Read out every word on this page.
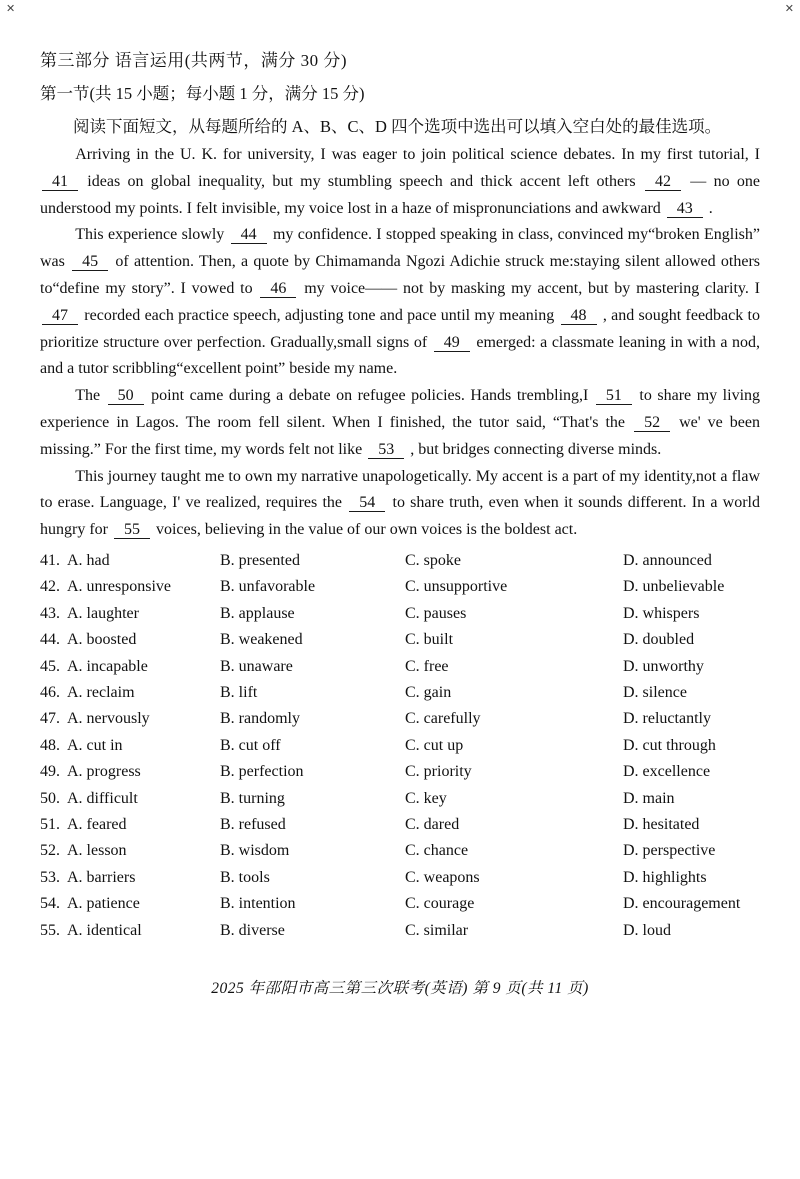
✕	✕
第三部分 语言运用(共两节，满分 30 分)
第一节(共 15 小题；每小题 1 分，满分 15 分)

阅读下面短文，从每题所给的 A、B、C、D 四个选项中选出可以填入空白处的最佳选项。

Arriving in the U. K. for university, I was eager to join political science debates. In my first tutorial, I 41 ideas on global inequality, but my stumbling speech and thick accent left others 42 — no one understood my points. I felt invisible, my voice lost in a haze of mispronunciations and awkward 43 .

This experience slowly 44 my confidence. I stopped speaking in class, convinced my“broken English” was 45 of attention. Then, a quote by Chimamanda Ngozi Adichie struck me:staying silent allowed others to“define my story”. I vowed to 46 my voice—— not by masking my accent, but by mastering clarity. I 47 recorded each practice speech, adjusting tone and pace until my meaning 48 , and sought feedback to prioritize structure over perfection. Gradually,small signs of 49 emerged: a classmate leaning in with a nod, and a tutor scribbling“excellent point” beside my name.

The 50 point came during a debate on refugee policies. Hands trembling,I 51 to share my living experience in Lagos. The room fell silent. When I finished, the tutor said, “That's the 52 we' ve been missing.” For the first time, my words felt not like 53 , but bridges connecting diverse minds.

This journey taught me to own my narrative unapologetically. My accent is a part of my identity,not a flaw to erase. Language, I' ve realized, requires the 54 to share truth, even when it sounds different. In a world hungry for 55 voices, believing in the value of our own voices is the boldest act.

41. A. had	B. presented	C. spoke	D. announced
42. A. unresponsive	B. unfavorable	C. unsupportive	D. unbelievable
43. A. laughter	B. applause	C. pauses	D. whispers
44. A. boosted	B. weakened	C. built	D. doubled
45. A. incapable	B. unaware	C. free	D. unworthy
46. A. reclaim	B. lift	C. gain	D. silence
47. A. nervously	B. randomly	C. carefully	D. reluctantly
48. A. cut in	B. cut off	C. cut up	D. cut through
49. A. progress	B. perfection	C. priority	D. excellence
50. A. difficult	B. turning	C. key	D. main
51. A. feared	B. refused	C. dared	D. hesitated
52. A. lesson	B. wisdom	C. chance	D. perspective
53. A. barriers	B. tools	C. weapons	D. highlights
54. A. patience	B. intention	C. courage	D. encouragement
55. A. identical	B. diverse	C. similar	D. loud
2025 年邵阳市高三第三次联考(英语) 第 9 页(共 11 页)
